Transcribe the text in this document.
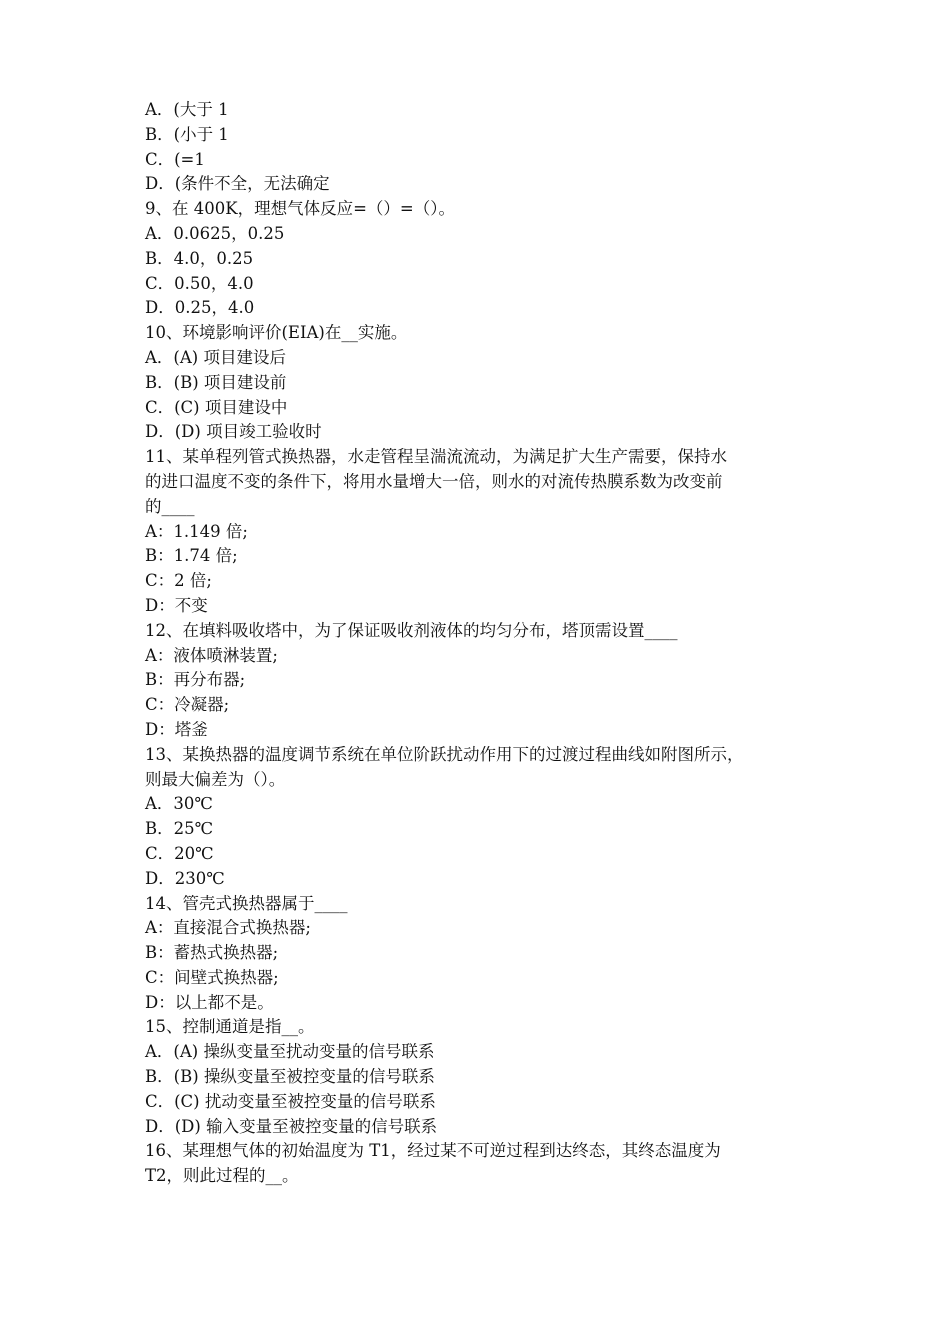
A．(大于 1
B．(小于 1
C．(=1
D．(条件不全，无法确定
9、在 400K，理想气体反应=（）=（）。
A．0.0625，0.25
B．4.0，0.25
C．0.50，4.0
D．0.25，4.0
10、环境影响评价(EIA)在__实施。
A．(A) 项目建设后
B．(B) 项目建设前
C．(C) 项目建设中
D．(D) 项目竣工验收时
11、某单程列管式换热器，水走管程呈湍流流动，为满足扩大生产需要，保持水
的进口温度不变的条件下，将用水量增大一倍，则水的对流传热膜系数为改变前
的____
A：1.149 倍;
B：1.74 倍;
C：2 倍;
D：不变
12、在填料吸收塔中，为了保证吸收剂液体的均匀分布，塔顶需设置____
A：液体喷淋装置;
B：再分布器;
C：冷凝器;
D：塔釜
13、某换热器的温度调节系统在单位阶跃扰动作用下的过渡过程曲线如附图所示，
则最大偏差为（）。
A．30℃
B．25℃
C．20℃
D．230℃
14、管壳式换热器属于____
A：直接混合式换热器;
B：蓄热式换热器;
C：间壁式换热器;
D：以上都不是。
15、控制通道是指__。
A．(A) 操纵变量至扰动变量的信号联系
B．(B) 操纵变量至被控变量的信号联系
C．(C) 扰动变量至被控变量的信号联系
D．(D) 输入变量至被控变量的信号联系
16、某理想气体的初始温度为 T1，经过某不可逆过程到达终态，其终态温度为
T2，则此过程的__。
